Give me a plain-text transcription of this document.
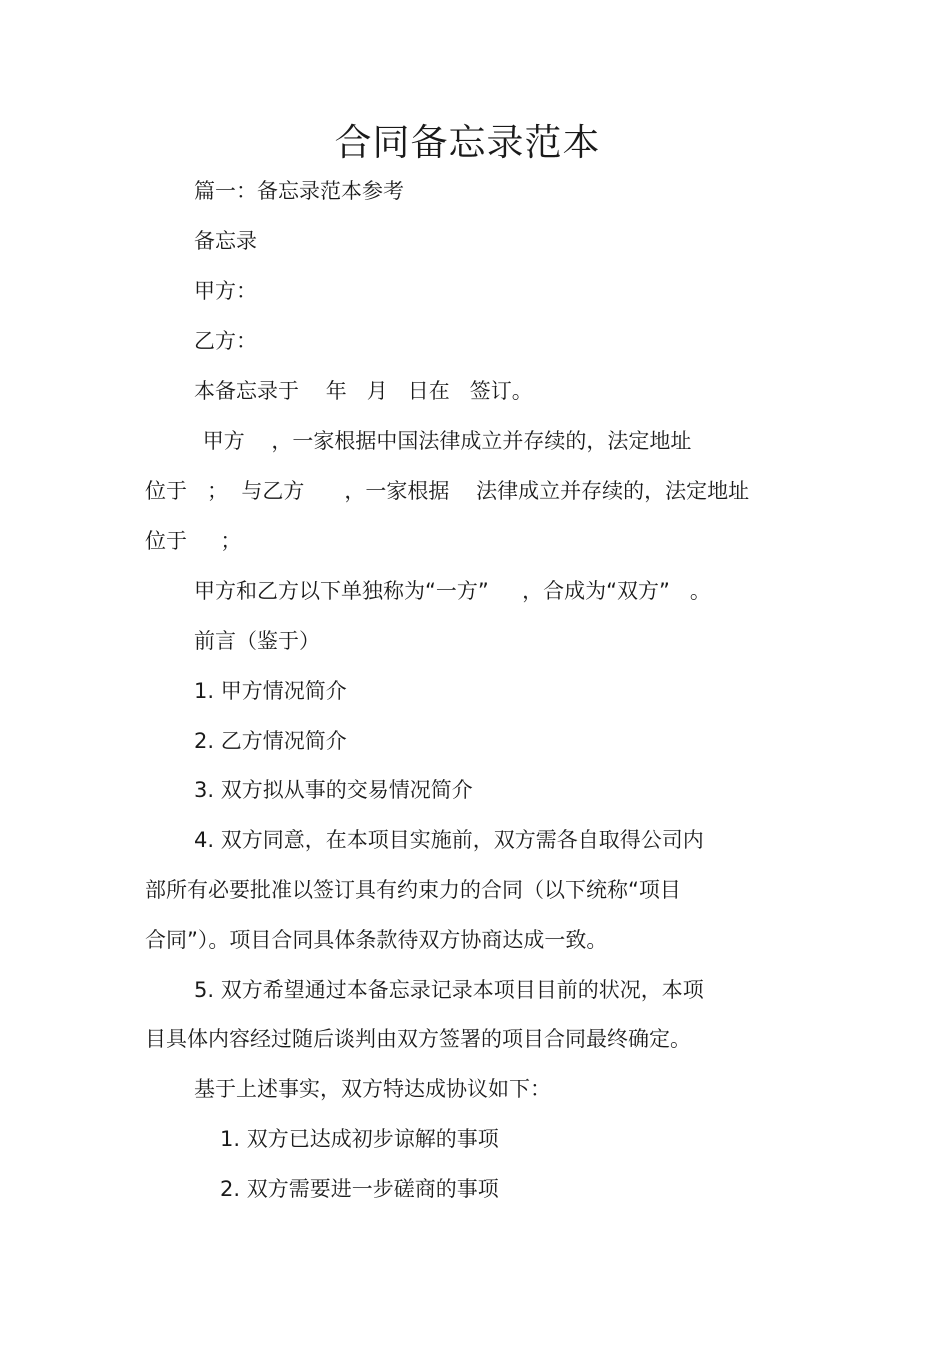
合同备忘录范本
篇一：备忘录范本参考
备忘录
甲方：
乙方：
本备忘录于    年   月   日在   签订。
甲方    ，一家根据中国法律成立并存续的，法定地址
位于   ；  与乙方      ，一家根据    法律成立并存续的，法定地址
位于     ；
甲方和乙方以下单独称为“一方”     ，合成为“双方”   。
前言（鉴于）
1. 甲方情况简介
2. 乙方情况简介
3. 双方拟从事的交易情况简介
4. 双方同意，在本项目实施前，双方需各自取得公司内
部所有必要批准以签订具有约束力的合同（以下统称“项目
合同”）。项目合同具体条款待双方协商达成一致。
5. 双方希望通过本备忘录记录本项目目前的状况，本项
目具体内容经过随后谈判由双方签署的项目合同最终确定。
基于上述事实，双方特达成协议如下：
1. 双方已达成初步谅解的事项
2. 双方需要进一步磋商的事项
